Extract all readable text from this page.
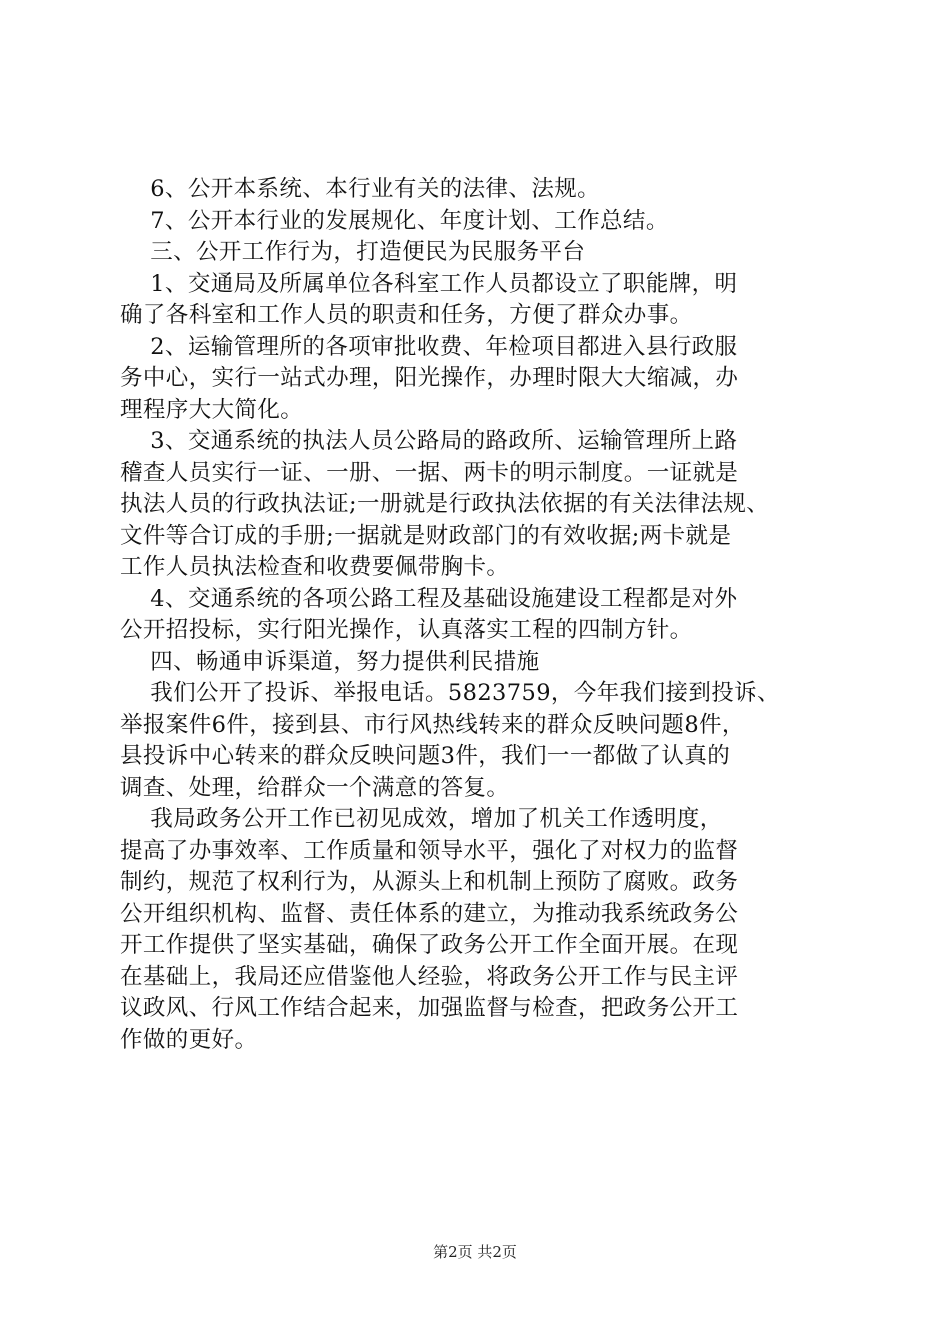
6、公开本系统、本行业有关的法律、法规。
7、公开本行业的发展规化、年度计划、工作总结。
三、公开工作行为，打造便民为民服务平台
1、交通局及所属单位各科室工作人员都设立了职能牌，明
确了各科室和工作人员的职责和任务，方便了群众办事。
2、运输管理所的各项审批收费、年检项目都进入县行政服
务中心，实行一站式办理，阳光操作，办理时限大大缩减，办
理程序大大简化。
3、交通系统的执法人员公路局的路政所、运输管理所上路
稽查人员实行一证、一册、一据、两卡的明示制度。一证就是
执法人员的行政执法证;一册就是行政执法依据的有关法律法规、
文件等合订成的手册;一据就是财政部门的有效收据;两卡就是
工作人员执法检查和收费要佩带胸卡。
4、交通系统的各项公路工程及基础设施建设工程都是对外
公开招投标，实行阳光操作，认真落实工程的四制方针。
四、畅通申诉渠道，努力提供利民措施
我们公开了投诉、举报电话。5823759，今年我们接到投诉、
举报案件6件，接到县、市行风热线转来的群众反映问题8件，
县投诉中心转来的群众反映问题3件，我们一一都做了认真的
调查、处理，给群众一个满意的答复。
我局政务公开工作已初见成效，增加了机关工作透明度，
提高了办事效率、工作质量和领导水平，强化了对权力的监督
制约，规范了权利行为，从源头上和机制上预防了腐败。政务
公开组织机构、监督、责任体系的建立，为推动我系统政务公
开工作提供了坚实基础，确保了政务公开工作全面开展。在现
在基础上，我局还应借鉴他人经验，将政务公开工作与民主评
议政风、行风工作结合起来，加强监督与检查，把政务公开工
作做的更好。
第2页 共2页
